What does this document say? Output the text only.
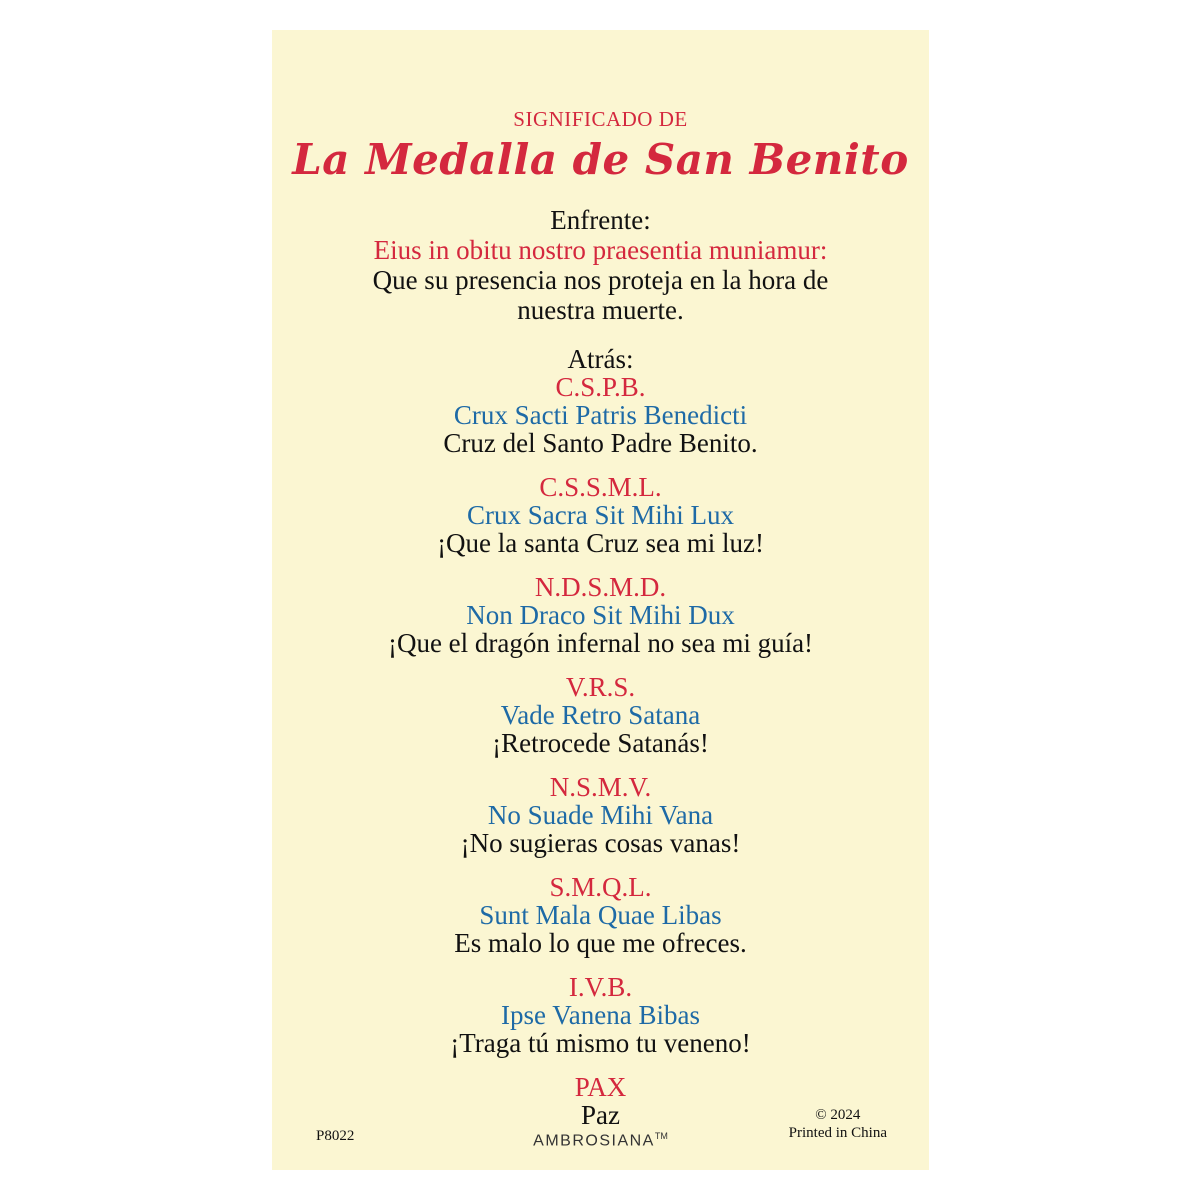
SIGNIFICADO DE
La Medalla de San Benito
Enfrente:
Eius in obitu nostro praesentia muniamur:
Que su presencia nos proteja en la hora de nuestra muerte.
Atrás:
C.S.P.B.
Crux Sacti Patris Benedicti
Cruz del Santo Padre Benito.
C.S.S.M.L.
Crux Sacra Sit Mihi Lux
¡Que la santa Cruz sea mi luz!
N.D.S.M.D.
Non Draco Sit Mihi Dux
¡Que el dragón infernal no sea mi guía!
V.R.S.
Vade Retro Satana
¡Retrocede Satanás!
N.S.M.V.
No Suade Mihi Vana
¡No sugieras cosas vanas!
S.M.Q.L.
Sunt Mala Quae Libas
Es malo lo que me ofreces.
I.V.B.
Ipse Vanena Bibas
¡Traga tú mismo tu veneno!
PAX
Paz
P8022	AMBROSIANA™
© 2024
Printed in China
